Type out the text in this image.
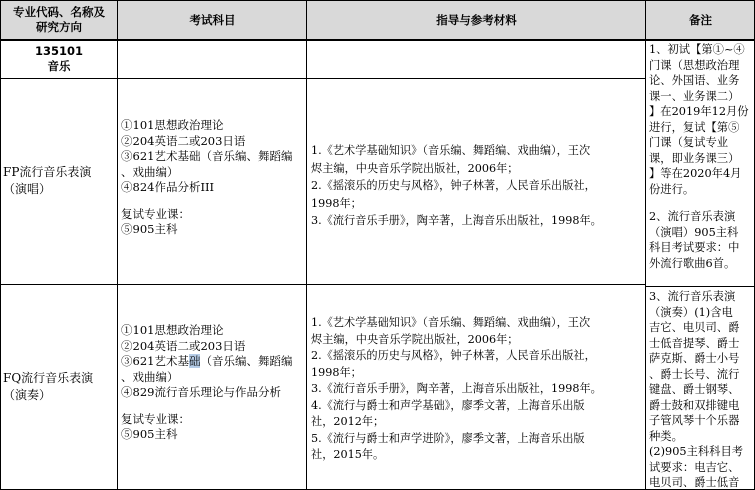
专业代码、名称及
研究方向
考试科目	指导与参考材料	备注
135101
音乐
FP流行音乐表演（演唱）
①101思想政治理论
②204英语二或203日语
③621艺术基础（音乐编、舞蹈编
、戏曲编）
④824作品分析III
复试专业课：
⑤905主科
1.《艺术学基础知识》（音乐编、舞蹈编、戏曲编），王次
烬主编，中央音乐学院出版社，2006年；
2.《摇滚乐的历史与风格》，钟子林著，人民音乐出版社，
1998年；
3.《流行音乐手册》，陶辛著，上海音乐出版社，1998年。
FQ流行音乐表演（演奏）
①101思想政治理论
②204英语二或203日语
③621艺术基础（音乐编、舞蹈编
、戏曲编）
④829流行音乐理论与作品分析
复试专业课：
⑤905主科
1.《艺术学基础知识》（音乐编、舞蹈编、戏曲编），王次
烬主编，中央音乐学院出版社，2006年；
2.《摇滚乐的历史与风格》，钟子林著，人民音乐出版社，
1998年；
3.《流行音乐手册》，陶辛著，上海音乐出版社，1998年。
4.《流行与爵士和声学基础》，廖季文著，上海音乐出版
社，2012年；
5.《流行与爵士和声学进阶》，廖季文著，上海音乐出版
社，2015年。
1、初试【第①~④
门课（思想政治理
论、外国语、业务
课一、业务课二）
】在2019年12月份
进行，复试【第⑤
门课（复试专业
课，即业务课三）
】等在2020年4月
份进行。
2、流行音乐表演
（演唱）905主科
科目考试要求：中
外流行歌曲6首。
3、流行音乐表演
（演奏）(1)含电
吉它、电贝司、爵
士低音提琴、爵士
萨克斯、爵士小号
、爵士长号、流行
键盘、爵士钢琴、
爵士鼓和双排键电
子管风琴十个乐器
种类。
(2)905主科科目考
试要求：电吉它、
电贝司、爵士低音
